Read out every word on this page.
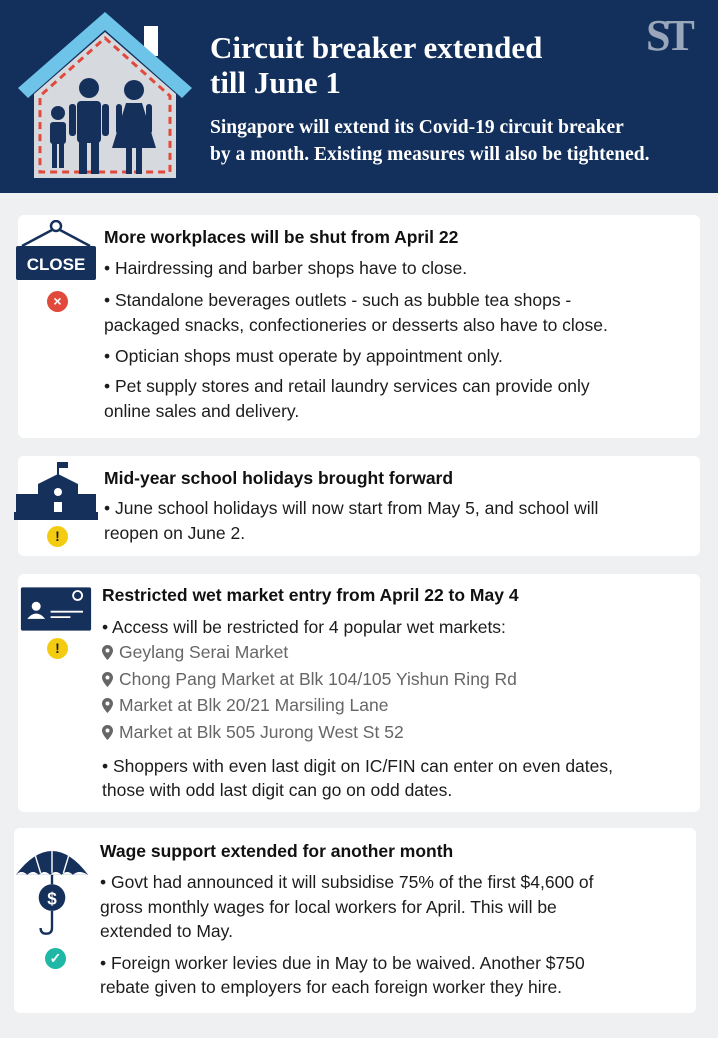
Circuit breaker extended
till June 1
Singapore will extend its Covid-19 circuit breaker
by a month. Existing measures will also be tightened.
ST
CLOSE
×
More workplaces will be shut from April 22

• Hairdressing and barber shops have to close.

• Standalone beverages outlets - such as bubble tea shops -

packaged snacks, confectioneries or desserts also have to close.

• Optician shops must operate by appointment only.

• Pet supply stores and retail laundry services can provide only

online sales and delivery.

!
Mid-year school holidays brought forward

• June school holidays will now start from May 5, and school will

reopen on June 2.

!
Restricted wet market entry from April 22 to May 4

• Access will be restricted for 4 popular wet markets:

Geylang Serai Market
Chong Pang Market at Blk 104/105 Yishun Ring Rd
Market at Blk 20/21 Marsiling Lane
Market at Blk 505 Jurong West St 52

• Shoppers with even last digit on IC/FIN can enter on even dates,

those with odd last digit can go on odd dates.

$
✓
Wage support extended for another month

• Govt had announced it will subsidise 75% of the first $4,600 of

gross monthly wages for local workers for April. This will be

extended to May.

• Foreign worker levies due in May to be waived. Another $750

rebate given to employers for each foreign worker they hire.
